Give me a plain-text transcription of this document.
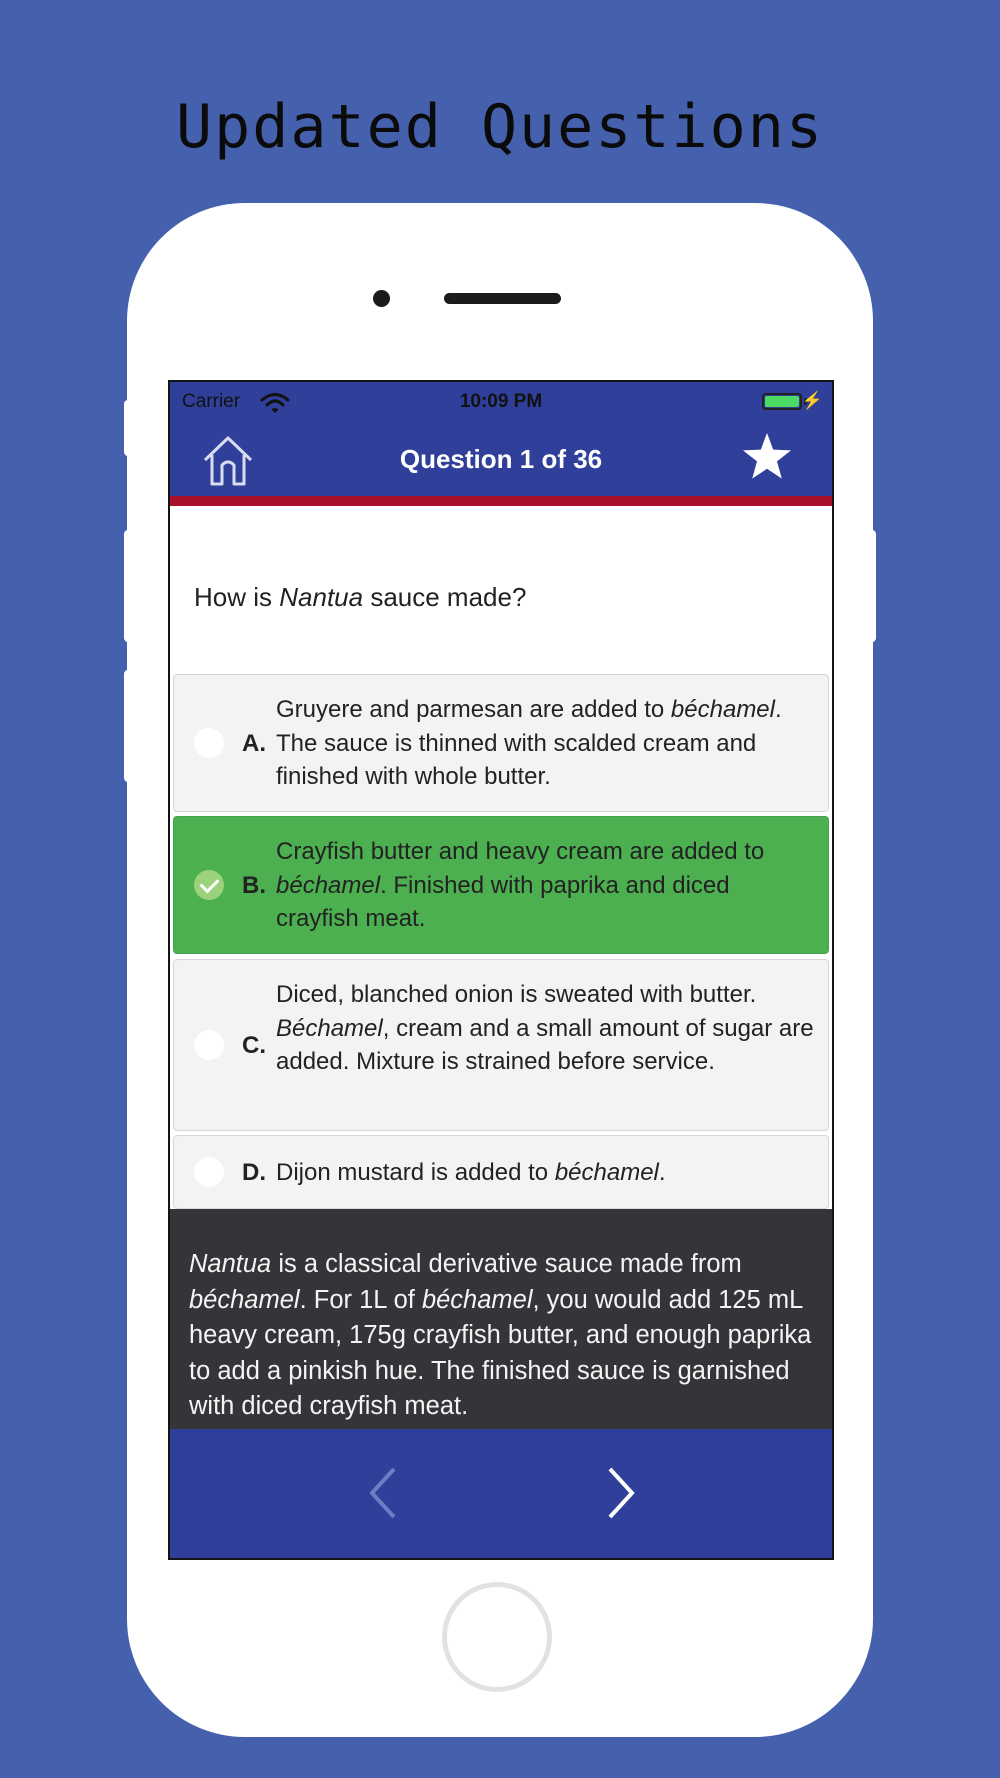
Updated Questions
Carrier	10:09 PM	⚡
Question 1 of 36
How is Nantua sauce made?
A.
Gruyere and parmesan are added to béchamel. The sauce is thinned with scalded cream and finished with whole butter.
B.
Crayfish butter and heavy cream are added to béchamel. Finished with paprika and diced crayfish meat.
C.
Diced, blanched onion is sweated with butter. Béchamel, cream and a small amount of sugar are added. Mixture is strained before service.
D. Dijon mustard is added to béchamel.
Nantua is a classical derivative sauce made from béchamel. For 1L of béchamel, you would add 125 mL heavy cream, 175g crayfish butter, and enough paprika to add a pinkish hue. The finished sauce is garnished with diced crayfish meat.
